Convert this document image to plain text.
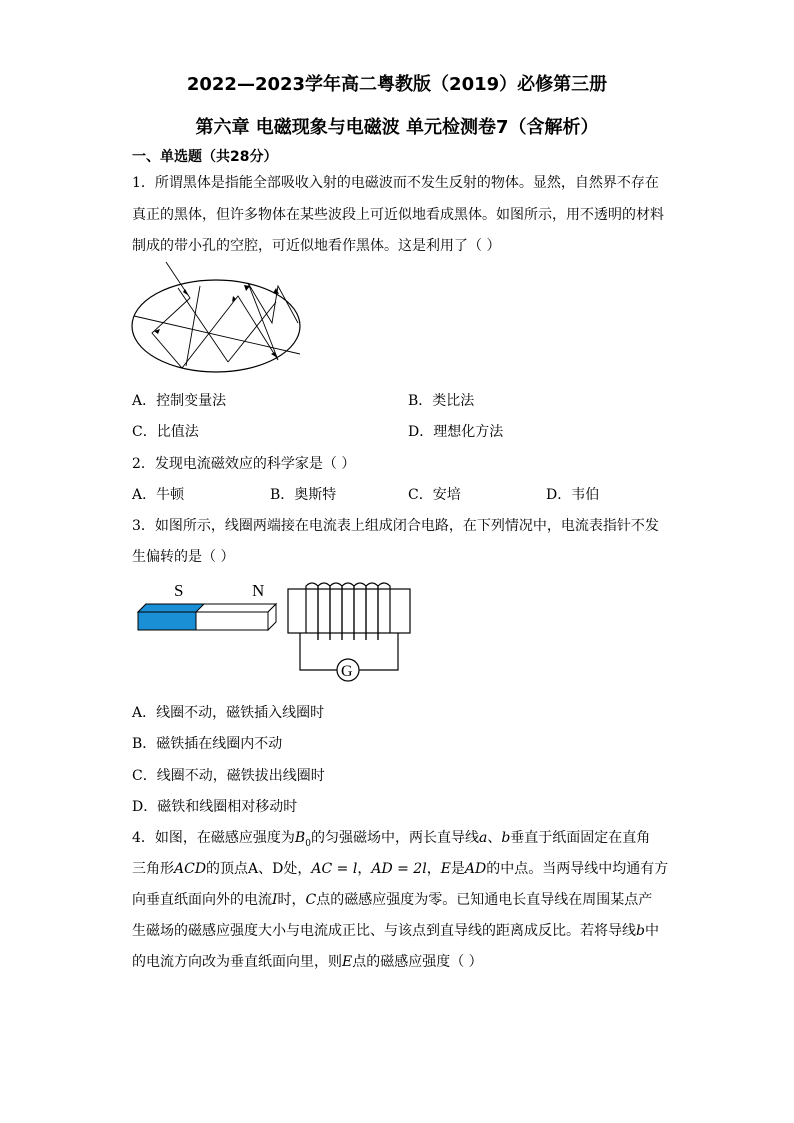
2022—2023学年高二粤教版（2019）必修第三册
第六章 电磁现象与电磁波 单元检测卷7（含解析）
一、单选题（共28分）
1．所谓黑体是指能全部吸收入射的电磁波而不发生反射的物体。显然，自然界不存在
真正的黑体，但许多物体在某些波段上可近似地看成黑体。如图所示，用不透明的材料
制成的带小孔的空腔，可近似地看作黑体。这是利用了（ ）
A．控制变量法	B．类比法
C．比值法	D．理想化方法
2．发现电流磁效应的科学家是（ ）
A．牛顿	B．奥斯特	C．安培	D．韦伯
3．如图所示，线圈两端接在电流表上组成闭合电路，在下列情况中，电流表指针不发
生偏转的是（ ）
S	N
G
A．线圈不动，磁铁插入线圈时
B．磁铁插在线圈内不动
C．线圈不动，磁铁拔出线圈时
D．磁铁和线圈相对移动时
4．如图，在磁感应强度为$B_0$的匀强磁场中，两长直导线a、b垂直于纸面固定在直角
三角形ACD的顶点A、D处，AC = l，AD = 2l，E是AD的中点。当两导线中均通有方
向垂直纸面向外的电流I时，C点的磁感应强度为零。已知通电长直导线在周围某点产
生磁场的磁感应强度大小与电流成正比、与该点到直导线的距离成反比。若将导线b中
的电流方向改为垂直纸面向里，则E点的磁感应强度（ ）
